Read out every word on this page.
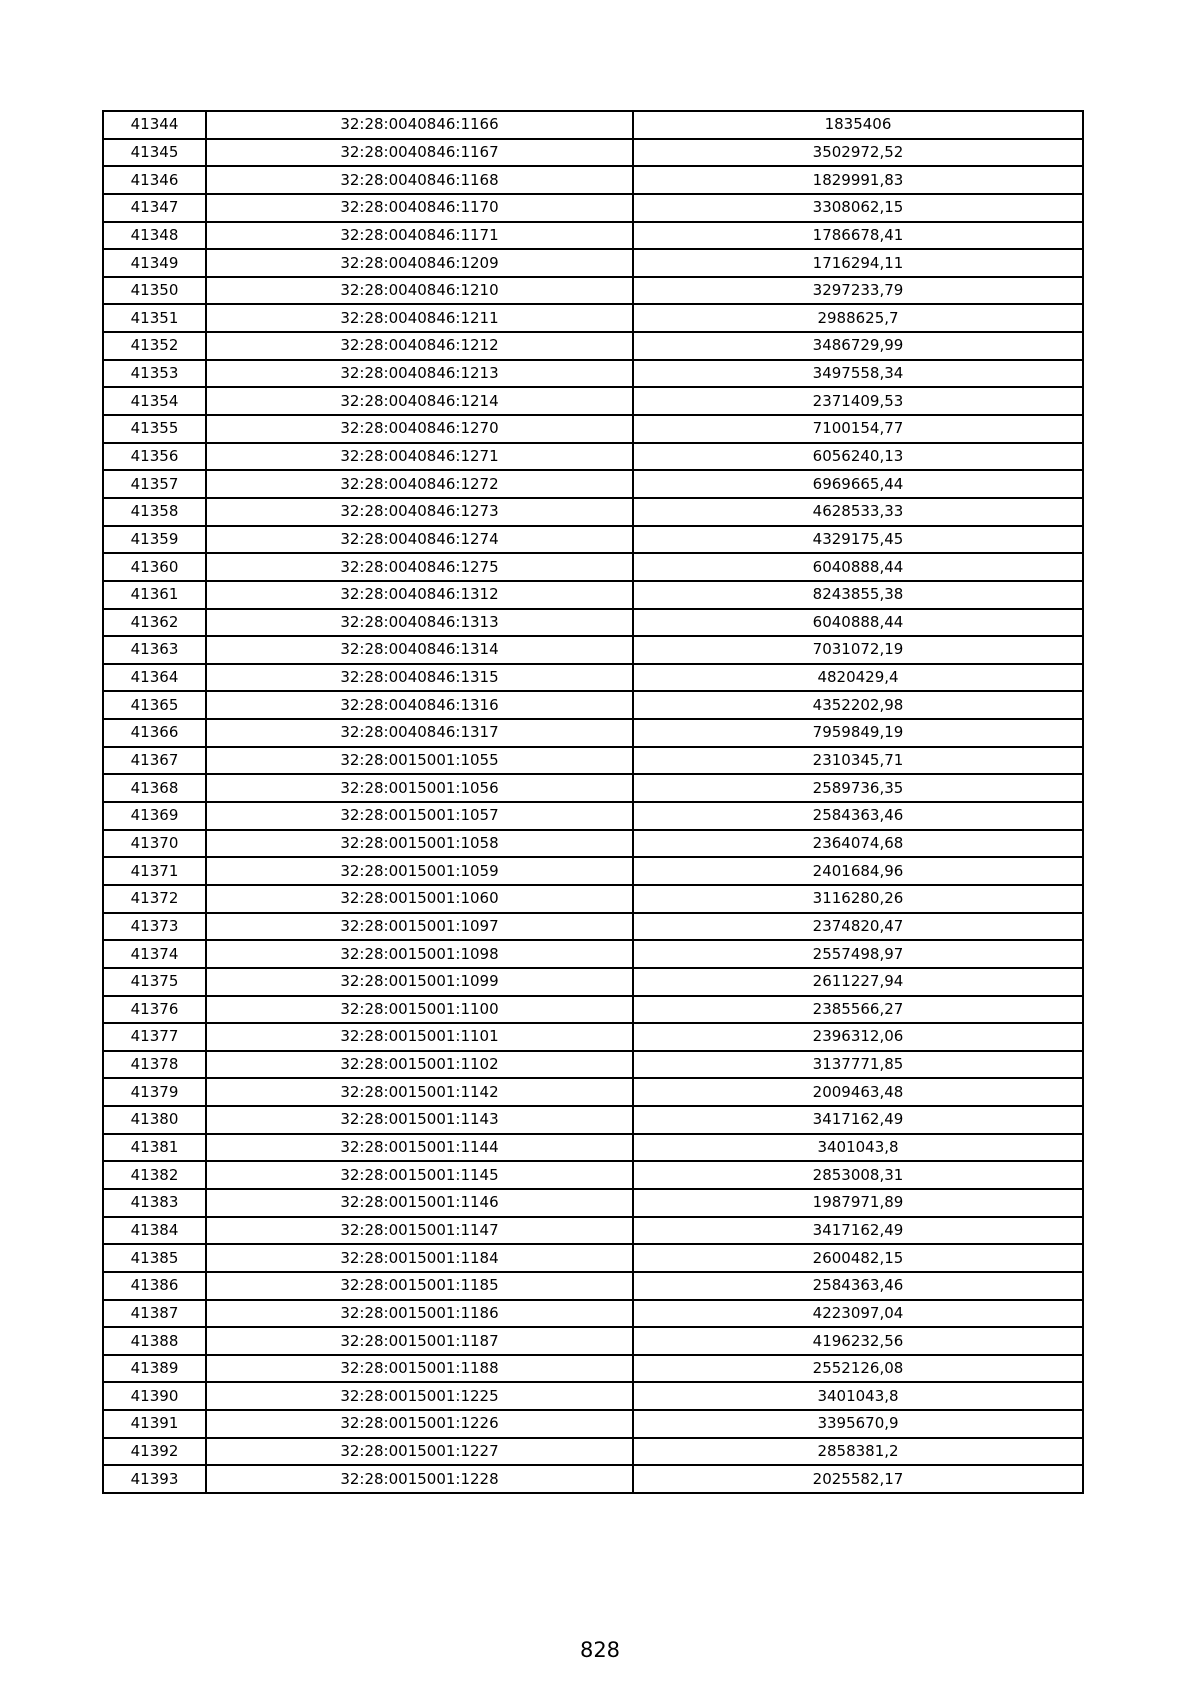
41344	32:28:0040846:1166	1835406
41345	32:28:0040846:1167	3502972,52
41346	32:28:0040846:1168	1829991,83
41347	32:28:0040846:1170	3308062,15
41348	32:28:0040846:1171	1786678,41
41349	32:28:0040846:1209	1716294,11
41350	32:28:0040846:1210	3297233,79
41351	32:28:0040846:1211	2988625,7
41352	32:28:0040846:1212	3486729,99
41353	32:28:0040846:1213	3497558,34
41354	32:28:0040846:1214	2371409,53
41355	32:28:0040846:1270	7100154,77
41356	32:28:0040846:1271	6056240,13
41357	32:28:0040846:1272	6969665,44
41358	32:28:0040846:1273	4628533,33
41359	32:28:0040846:1274	4329175,45
41360	32:28:0040846:1275	6040888,44
41361	32:28:0040846:1312	8243855,38
41362	32:28:0040846:1313	6040888,44
41363	32:28:0040846:1314	7031072,19
41364	32:28:0040846:1315	4820429,4
41365	32:28:0040846:1316	4352202,98
41366	32:28:0040846:1317	7959849,19
41367	32:28:0015001:1055	2310345,71
41368	32:28:0015001:1056	2589736,35
41369	32:28:0015001:1057	2584363,46
41370	32:28:0015001:1058	2364074,68
41371	32:28:0015001:1059	2401684,96
41372	32:28:0015001:1060	3116280,26
41373	32:28:0015001:1097	2374820,47
41374	32:28:0015001:1098	2557498,97
41375	32:28:0015001:1099	2611227,94
41376	32:28:0015001:1100	2385566,27
41377	32:28:0015001:1101	2396312,06
41378	32:28:0015001:1102	3137771,85
41379	32:28:0015001:1142	2009463,48
41380	32:28:0015001:1143	3417162,49
41381	32:28:0015001:1144	3401043,8
41382	32:28:0015001:1145	2853008,31
41383	32:28:0015001:1146	1987971,89
41384	32:28:0015001:1147	3417162,49
41385	32:28:0015001:1184	2600482,15
41386	32:28:0015001:1185	2584363,46
41387	32:28:0015001:1186	4223097,04
41388	32:28:0015001:1187	4196232,56
41389	32:28:0015001:1188	2552126,08
41390	32:28:0015001:1225	3401043,8
41391	32:28:0015001:1226	3395670,9
41392	32:28:0015001:1227	2858381,2
41393	32:28:0015001:1228	2025582,17
828
